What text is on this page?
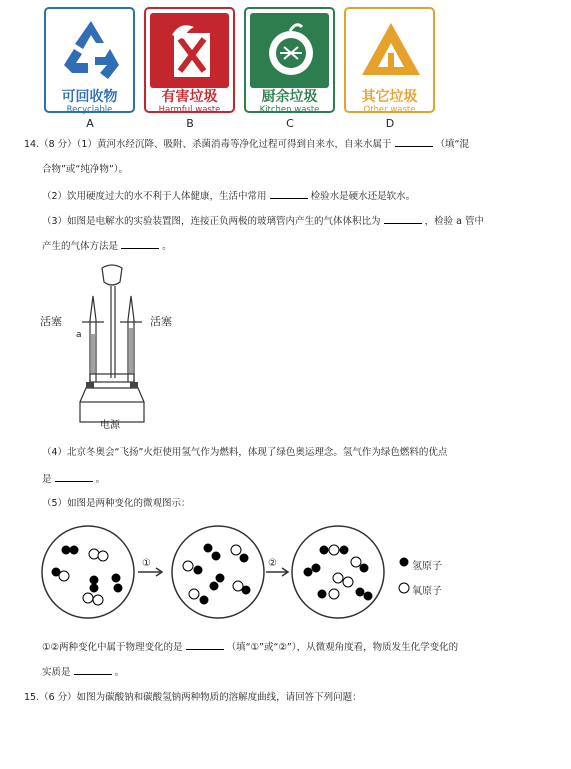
可回收物
Recyclable
有害垃圾
Harmful waste
厨余垃圾
Kitchen waste
其它垃圾
Other waste
A	B	C	D
14.（8 分）（1）黄河水经沉降、吸附、杀菌消毒等净化过程可得到自来水，自来水属于	（填“混
合物”或“纯净物”）。
（2）饮用硬度过大的水不利于人体健康，生活中常用	检验水是硬水还是软水。
（3）如图是电解水的实验装置图，连接正负两极的玻璃管内产生的气体体积比为	，检验 a 管中
产生的气体方法是	。
活塞	活塞
a
电源
（4）北京冬奥会“飞扬”火炬使用氢气作为燃料，体现了绿色奥运理念。氢气作为绿色燃料的优点
是	。
（5）如图是两种变化的微观图示：
①	②	氢原子
氧原子
①②两种变化中属于物理变化的是	（填“①”或“②”），从微观角度看，物质发生化学变化的
实质是	。
15.（6 分）如图为碳酸钠和碳酸氢钠两种物质的溶解度曲线，请回答下列问题：
